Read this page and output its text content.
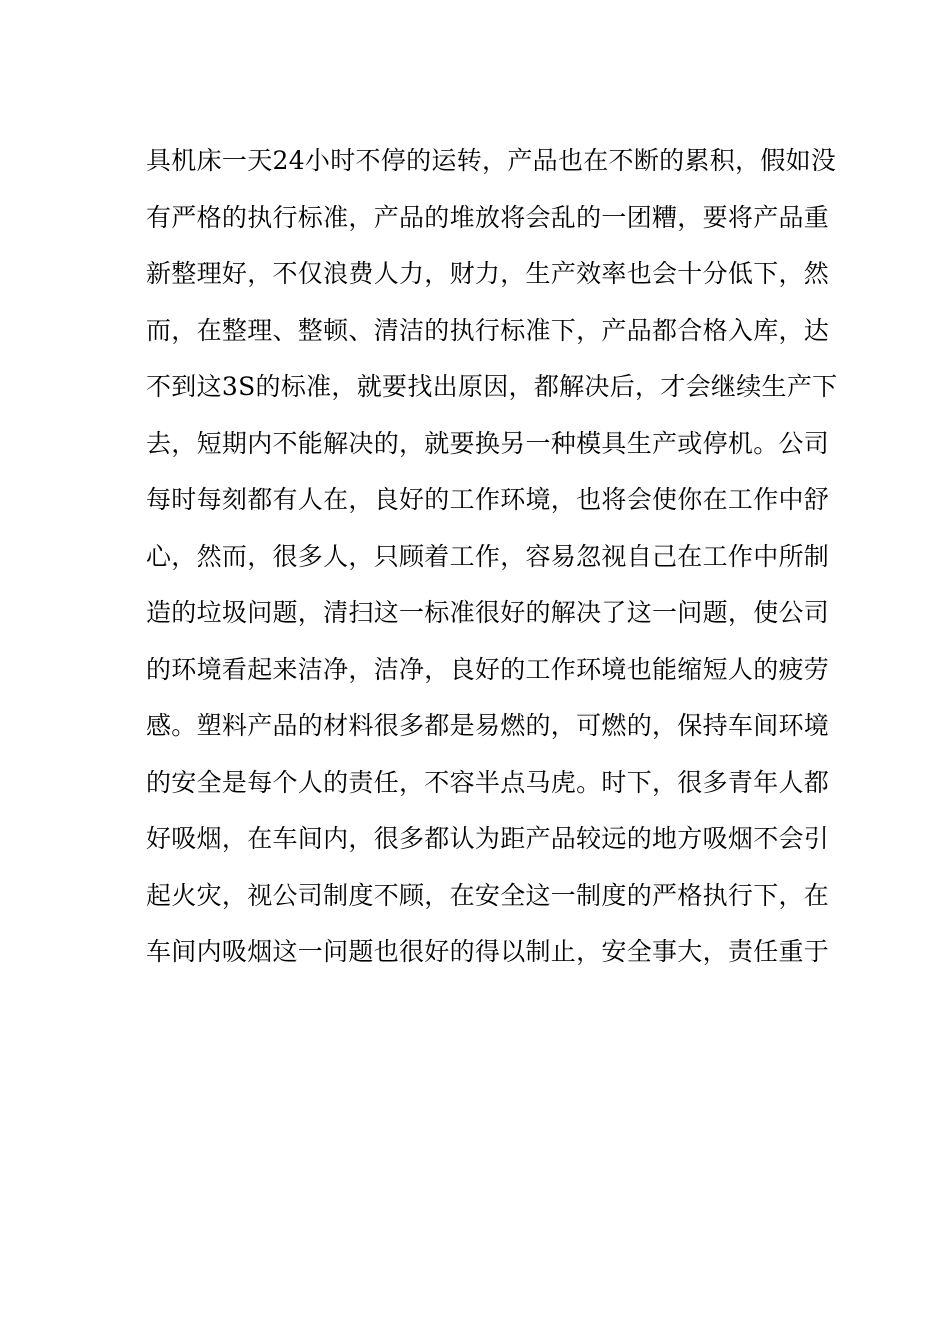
具机床一天24小时不停的运转，产品也在不断的累积，假如没
有严格的执行标准，产品的堆放将会乱的一团糟，要将产品重
新整理好，不仅浪费人力，财力，生产效率也会十分低下，然
而，在整理、整顿、清洁的执行标准下，产品都合格入库，达
不到这3S的标准，就要找出原因，都解决后，才会继续生产下
去，短期内不能解决的，就要换另一种模具生产或停机。公司
每时每刻都有人在，良好的工作环境，也将会使你在工作中舒
心，然而，很多人，只顾着工作，容易忽视自己在工作中所制
造的垃圾问题，清扫这一标准很好的解决了这一问题，使公司
的环境看起来洁净，洁净，良好的工作环境也能缩短人的疲劳
感。塑料产品的材料很多都是易燃的，可燃的，保持车间环境
的安全是每个人的责任，不容半点马虎。时下，很多青年人都
好吸烟，在车间内，很多都认为距产品较远的地方吸烟不会引
起火灾，视公司制度不顾，在安全这一制度的严格执行下，在
车间内吸烟这一问题也很好的得以制止，安全事大，责任重于
